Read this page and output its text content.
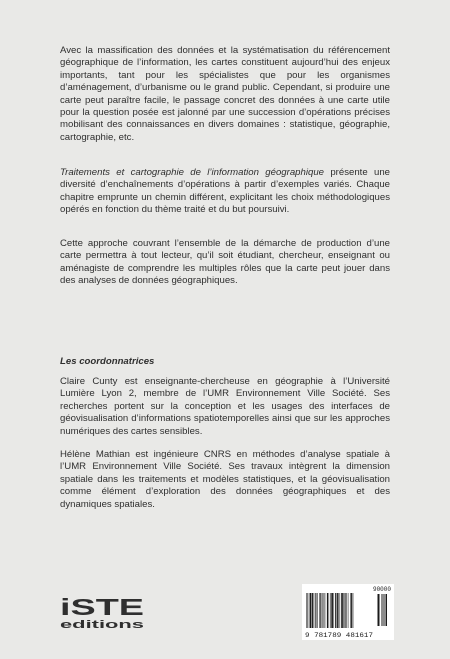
Avec la massification des données et la systématisation du référencement géographique de l’information, les cartes constituent aujourd’hui des enjeux importants, tant pour les spécialistes que pour les organismes d’aménagement, d’urbanisme ou le grand public. Cependant, si produire une carte peut paraître facile, le passage concret des données à une carte utile pour la question posée est jalonné par une succession d’opérations précises mobilisant des connaissances en divers domaines : statistique, géographie, cartographie, etc.

Traitements et cartographie de l’information géographique présente une diversité d’enchaînements d’opérations à partir d’exemples variés. Chaque chapitre emprunte un chemin différent, explicitant les choix méthodologiques opérés en fonction du thème traité et du but poursuivi.

Cette approche couvrant l’ensemble de la démarche de production d’une carte permettra à tout lecteur, qu’il soit étudiant, chercheur, enseignant ou aménagiste de comprendre les multiples rôles que la carte peut jouer dans des analyses de données géographiques.

Les coordonnatrices

Claire Cunty est enseignante-chercheuse en géographie à l’Université Lumière Lyon 2, membre de l’UMR Environnement Ville Société. Ses recherches portent sur la conception et les usages des interfaces de géovisualisation d’informations spatiotemporelles ainsi que sur les approches numériques des cartes sensibles.

Hélène Mathian est ingénieure CNRS en méthodes d’analyse spatiale à l’UMR Environnement Ville Société. Ses travaux intègrent la dimension spatiale dans les traitements et modèles statistiques, et la géovisualisation comme élément d’exploration des données géographiques et des dynamiques spatiales.

iSTE
editions
90000
9 781789 481617
